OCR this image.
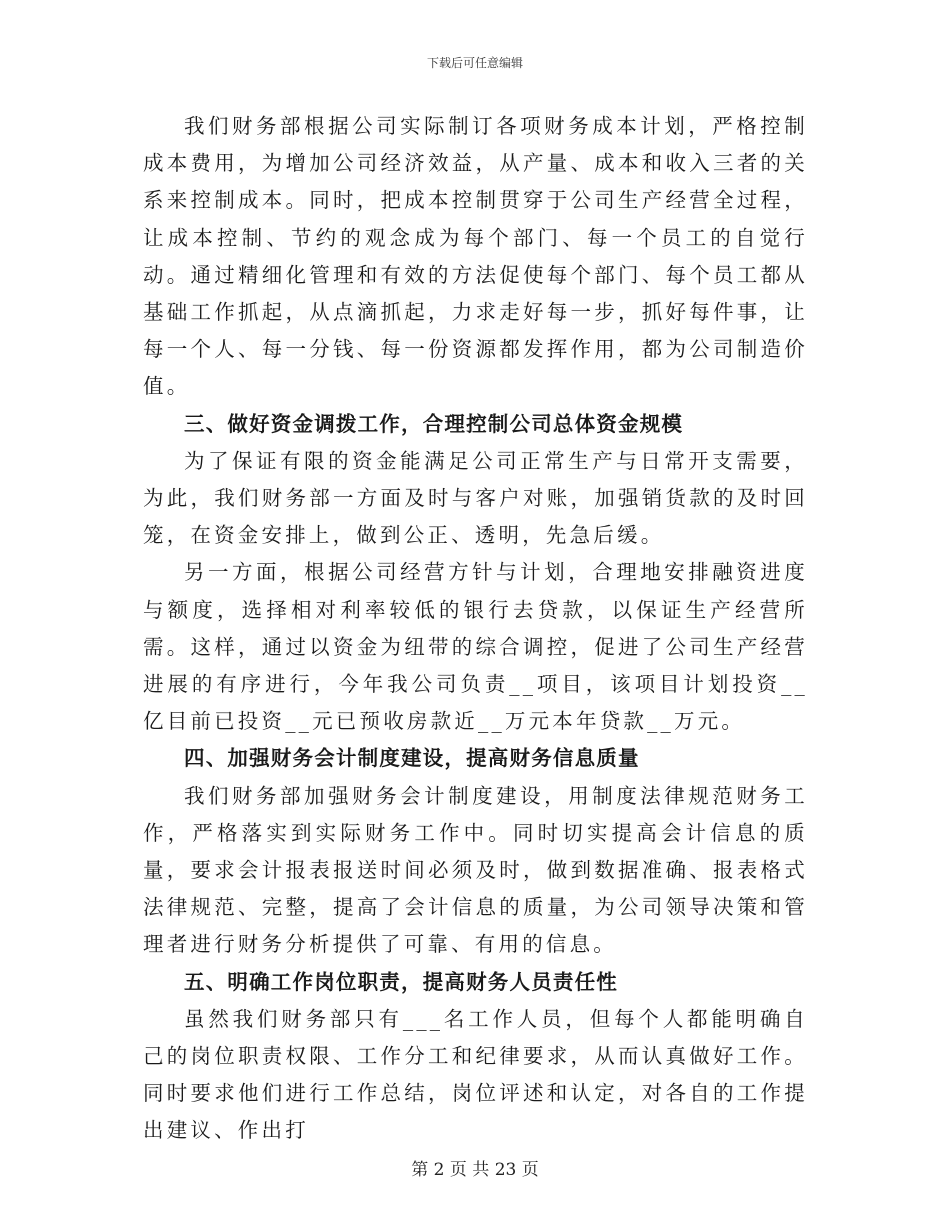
下载后可任意编辑

我们财务部根据公司实际制订各项财务成本计划，严格控制成本费用，为增加公司经济效益，从产量、成本和收入三者的关系来控制成本。同时，把成本控制贯穿于公司生产经营全过程，让成本控制、节约的观念成为每个部门、每一个员工的自觉行动。通过精细化管理和有效的方法促使每个部门、每个员工都从基础工作抓起，从点滴抓起，力求走好每一步，抓好每件事，让每一个人、每一分钱、每一份资源都发挥作用，都为公司制造价值。

三、做好资金调拨工作，合理控制公司总体资金规模

为了保证有限的资金能满足公司正常生产与日常开支需要，为此，我们财务部一方面及时与客户对账，加强销货款的及时回笼，在资金安排上，做到公正、透明，先急后缓。

另一方面，根据公司经营方针与计划，合理地安排融资进度与额度，选择相对利率较低的银行去贷款，以保证生产经营所需。这样，通过以资金为纽带的综合调控，促进了公司生产经营进展的有序进行，今年我公司负责__项目，该项目计划投资__亿目前已投资__元已预收房款近__万元本年贷款__万元。

四、加强财务会计制度建设，提高财务信息质量

我们财务部加强财务会计制度建设，用制度法律规范财务工作，严格落实到实际财务工作中。同时切实提高会计信息的质量，要求会计报表报送时间必须及时，做到数据准确、报表格式法律规范、完整，提高了会计信息的质量，为公司领导决策和管理者进行财务分析提供了可靠、有用的信息。

五、明确工作岗位职责，提高财务人员责任性

虽然我们财务部只有___名工作人员，但每个人都能明确自己的岗位职责权限、工作分工和纪律要求，从而认真做好工作。同时要求他们进行工作总结，岗位评述和认定，对各自的工作提出建议、作出打

第 2 页 共 23 页
